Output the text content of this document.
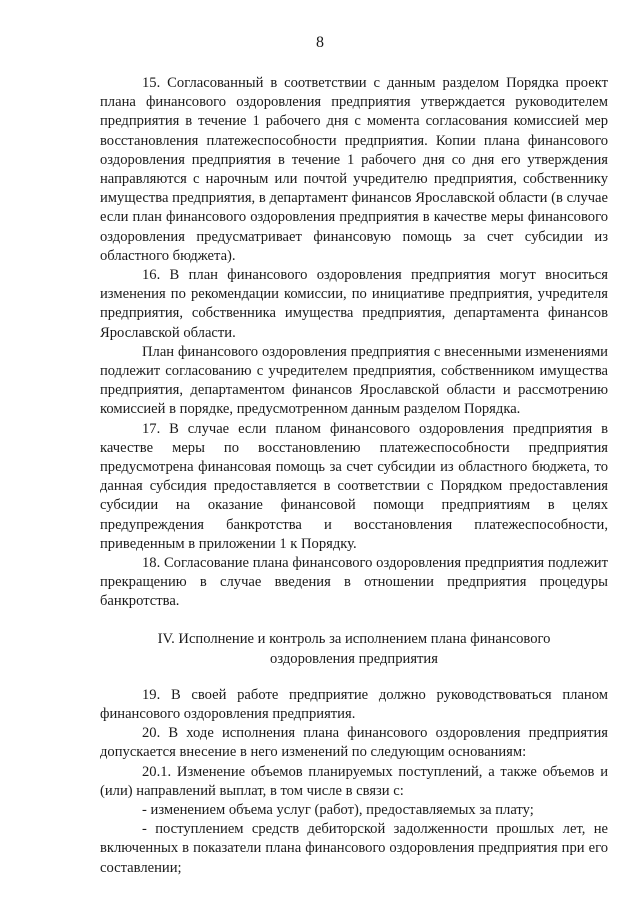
8

15. Согласованный в соответствии с данным разделом Порядка проект плана финансового оздоровления предприятия утверждается руководителем предприятия в течение 1 рабочего дня с момента согласования комиссией мер восстановления платежеспособности предприятия. Копии плана финансового оздоровления предприятия в течение 1 рабочего дня со дня его утверждения направляются с нарочным или почтой учредителю предприятия, собственнику имущества предприятия, в департамент финансов Ярославской области (в случае если план финансового оздоровления предприятия в качестве меры финансового оздоровления предусматривает финансовую помощь за счет субсидии из областного бюджета).

16. В план финансового оздоровления предприятия могут вноситься изменения по рекомендации комиссии, по инициативе предприятия, учредителя предприятия, собственника имущества предприятия, департамента финансов Ярославской области.

План финансового оздоровления предприятия с внесенными изменениями подлежит согласованию с учредителем предприятия, собственником имущества предприятия, департаментом финансов Ярославской области и рассмотрению комиссией в порядке, предусмотренном данным разделом Порядка.

17. В случае если планом финансового оздоровления предприятия в качестве меры по восстановлению платежеспособности предприятия предусмотрена финансовая помощь за счет субсидии из областного бюджета, то данная субсидия предоставляется в соответствии с Порядком предоставления субсидии на оказание финансовой помощи предприятиям в целях предупреждения банкротства и восстановления платежеспособности, приведенным в приложении 1 к Порядку.

18. Согласование плана финансового оздоровления предприятия подлежит прекращению в случае введения в отношении предприятия процедуры банкротства.

IV. Исполнение и контроль за исполнением плана финансового
оздоровления предприятия

19. В своей работе предприятие должно руководствоваться планом финансового оздоровления предприятия.

20. В ходе исполнения плана финансового оздоровления предприятия допускается внесение в него изменений по следующим основаниям:

20.1. Изменение объемов планируемых поступлений, а также объемов и (или) направлений выплат, в том числе в связи с:

- изменением объема услуг (работ), предоставляемых за плату;

- поступлением средств дебиторской задолженности прошлых лет, не включенных в показатели плана финансового оздоровления предприятия при его составлении;
